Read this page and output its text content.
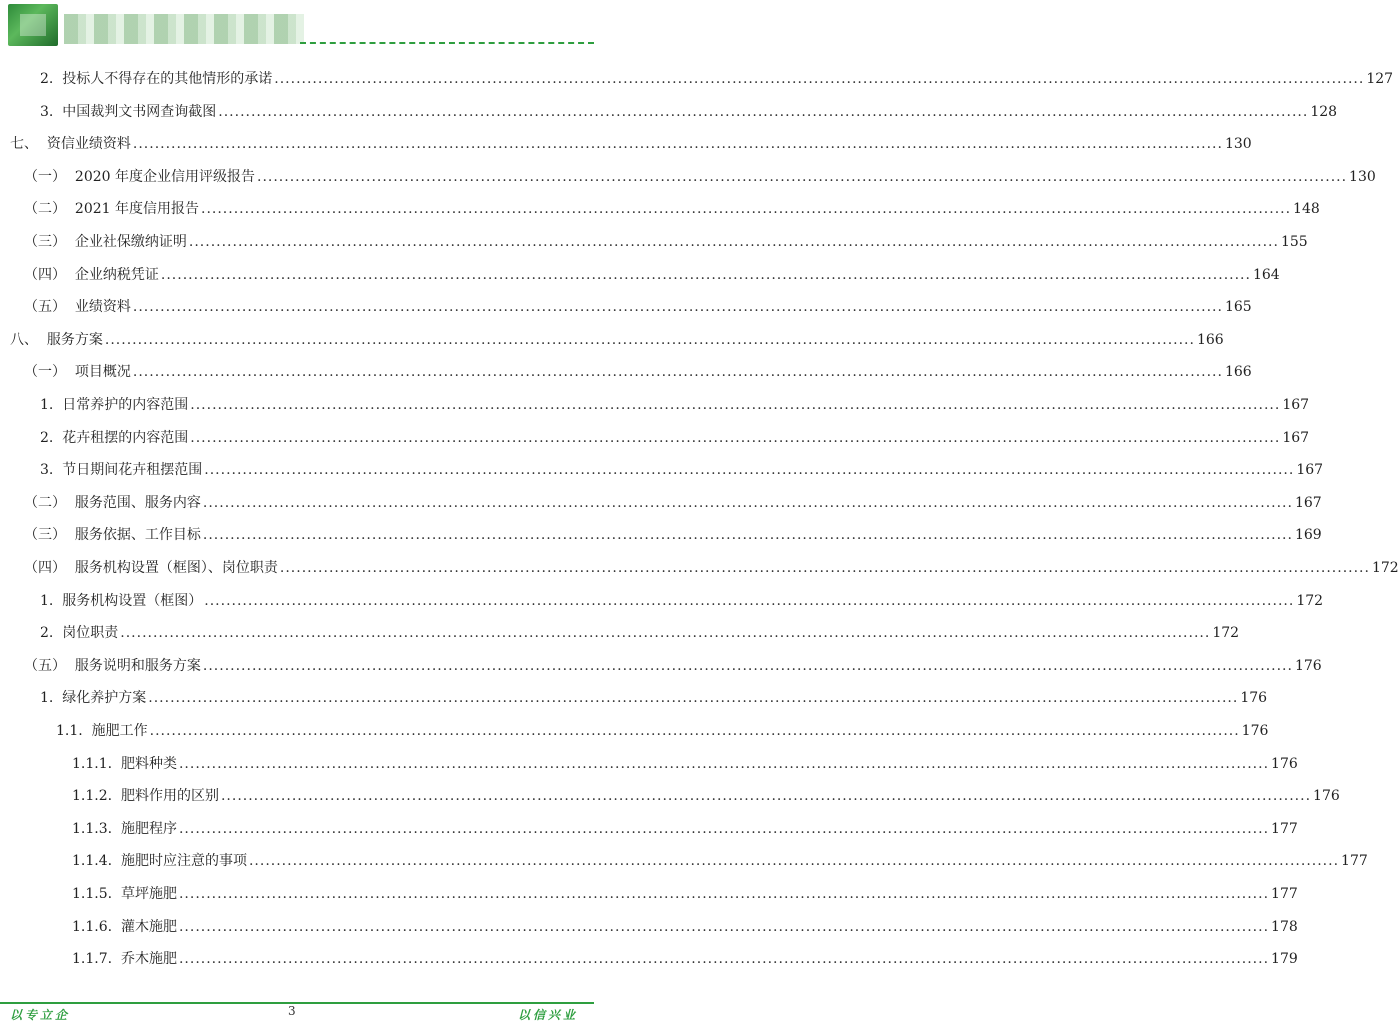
2.
投标人不得存在的其他情形的承诺 ........................................................................................................................................................................................................ 127
3.
中国裁判文书网查询截图 ........................................................................................................................................................................................................ 128
七、
资信业绩资料 ........................................................................................................................................................................................................ 130
（一）
2020 年度企业信用评级报告 ........................................................................................................................................................................................................ 130
（二）
2021 年度信用报告 ........................................................................................................................................................................................................ 148
（三）
企业社保缴纳证明 ........................................................................................................................................................................................................ 155
（四）
企业纳税凭证 ........................................................................................................................................................................................................ 164
（五）
业绩资料 ........................................................................................................................................................................................................ 165
八、
服务方案 ........................................................................................................................................................................................................ 166
（一）
项目概况 ........................................................................................................................................................................................................ 166
1.
日常养护的内容范围 ........................................................................................................................................................................................................ 167
2.
花卉租摆的内容范围 ........................................................................................................................................................................................................ 167
3.
节日期间花卉租摆范围 ........................................................................................................................................................................................................ 167
（二）
服务范围、服务内容 ........................................................................................................................................................................................................ 167
（三）
服务依据、工作目标 ........................................................................................................................................................................................................ 169
（四）
服务机构设置（框图）、岗位职责 ........................................................................................................................................................................................................ 172
1.
服务机构设置（框图） ........................................................................................................................................................................................................ 172
2.
岗位职责 ........................................................................................................................................................................................................ 172
（五）
服务说明和服务方案 ........................................................................................................................................................................................................ 176
1.
绿化养护方案 ........................................................................................................................................................................................................ 176
1.1.
施肥工作 ........................................................................................................................................................................................................ 176
1.1.1.
肥料种类 ........................................................................................................................................................................................................ 176
1.1.2.
肥料作用的区别 ........................................................................................................................................................................................................ 176
1.1.3.
施肥程序 ........................................................................................................................................................................................................ 177
1.1.4.
施肥时应注意的事项 ........................................................................................................................................................................................................ 177
1.1.5.
草坪施肥 ........................................................................................................................................................................................................ 177
1.1.6.
灌木施肥 ........................................................................................................................................................................................................ 178
1.1.7.
乔木施肥 ........................................................................................................................................................................................................ 179
以专立企	3	以信兴业
